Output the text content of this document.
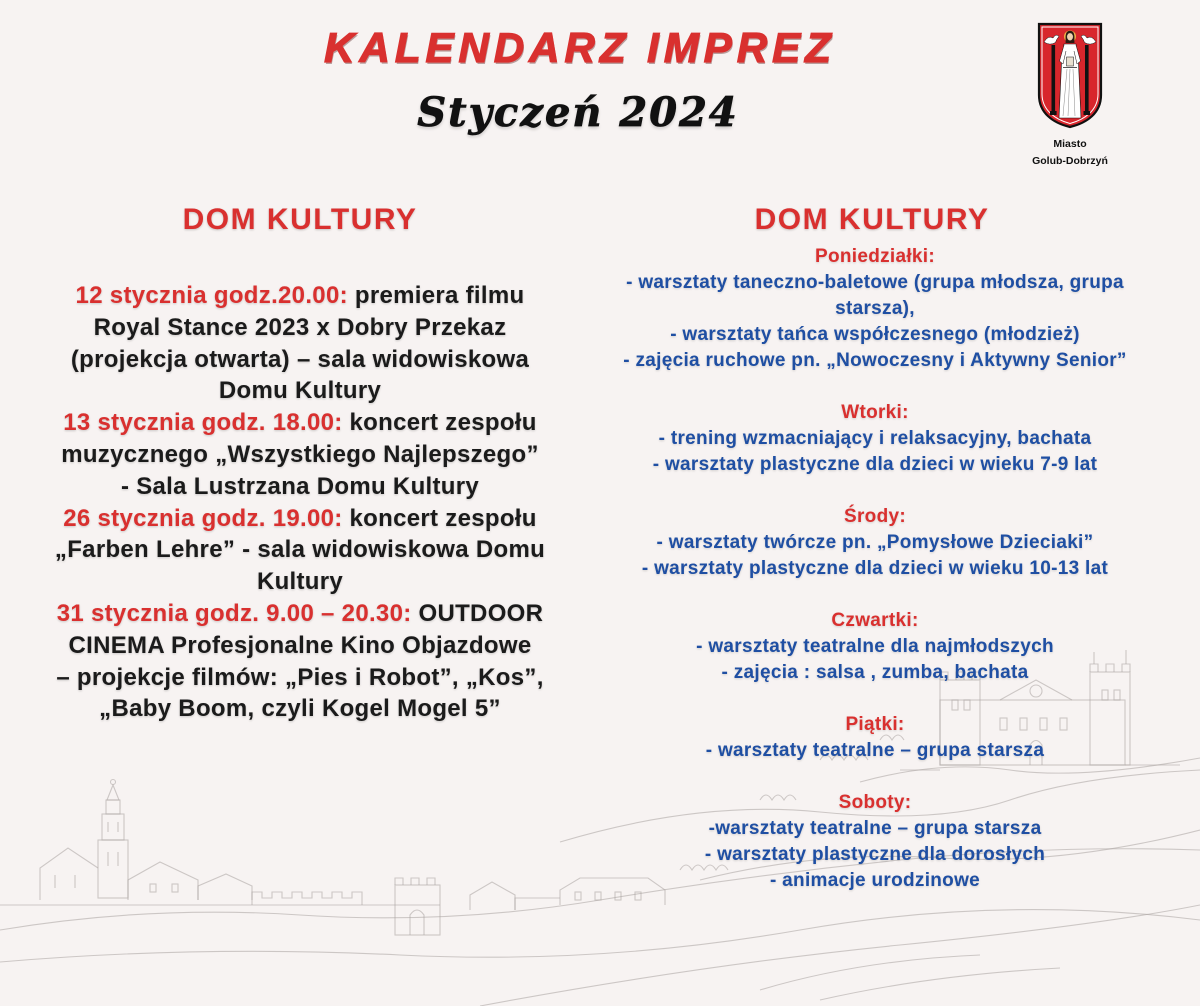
KALENDARZ IMPREZ
Styczeń 2024
Miasto
Golub-Dobrzyń
DOM KULTURY
12 stycznia godz.20.00: premiera filmu
Royal Stance 2023 x Dobry Przekaz
(projekcja otwarta) – sala widowiskowa
Domu Kultury
13 stycznia godz. 18.00: koncert zespołu
muzycznego „Wszystkiego Najlepszego”
- Sala Lustrzana Domu Kultury
26 stycznia godz. 19.00: koncert zespołu
„Farben Lehre” - sala widowiskowa Domu
Kultury
31 stycznia godz. 9.00 – 20.30: OUTDOOR
CINEMA Profesjonalne Kino Objazdowe
– projekcje filmów: „Pies i Robot”, „Kos”,
„Baby Boom, czyli Kogel Mogel 5”
DOM KULTURY
Poniedziałki:
- warsztaty taneczno-baletowe (grupa młodsza, grupa
starsza),
- warsztaty tańca współczesnego (młodzież)
- zajęcia ruchowe pn. „Nowoczesny i Aktywny Senior”
Wtorki:
- trening wzmacniający i relaksacyjny, bachata
- warsztaty plastyczne dla dzieci w wieku 7-9 lat
Środy:
- warsztaty twórcze pn. „Pomysłowe Dzieciaki”
- warsztaty plastyczne dla dzieci w wieku 10-13 lat
Czwartki:
- warsztaty teatralne dla najmłodszych
- zajęcia : salsa , zumba, bachata
Piątki:
- warsztaty teatralne – grupa starsza
Soboty:
-warsztaty teatralne – grupa starsza
- warsztaty plastyczne dla dorosłych
- animacje urodzinowe
